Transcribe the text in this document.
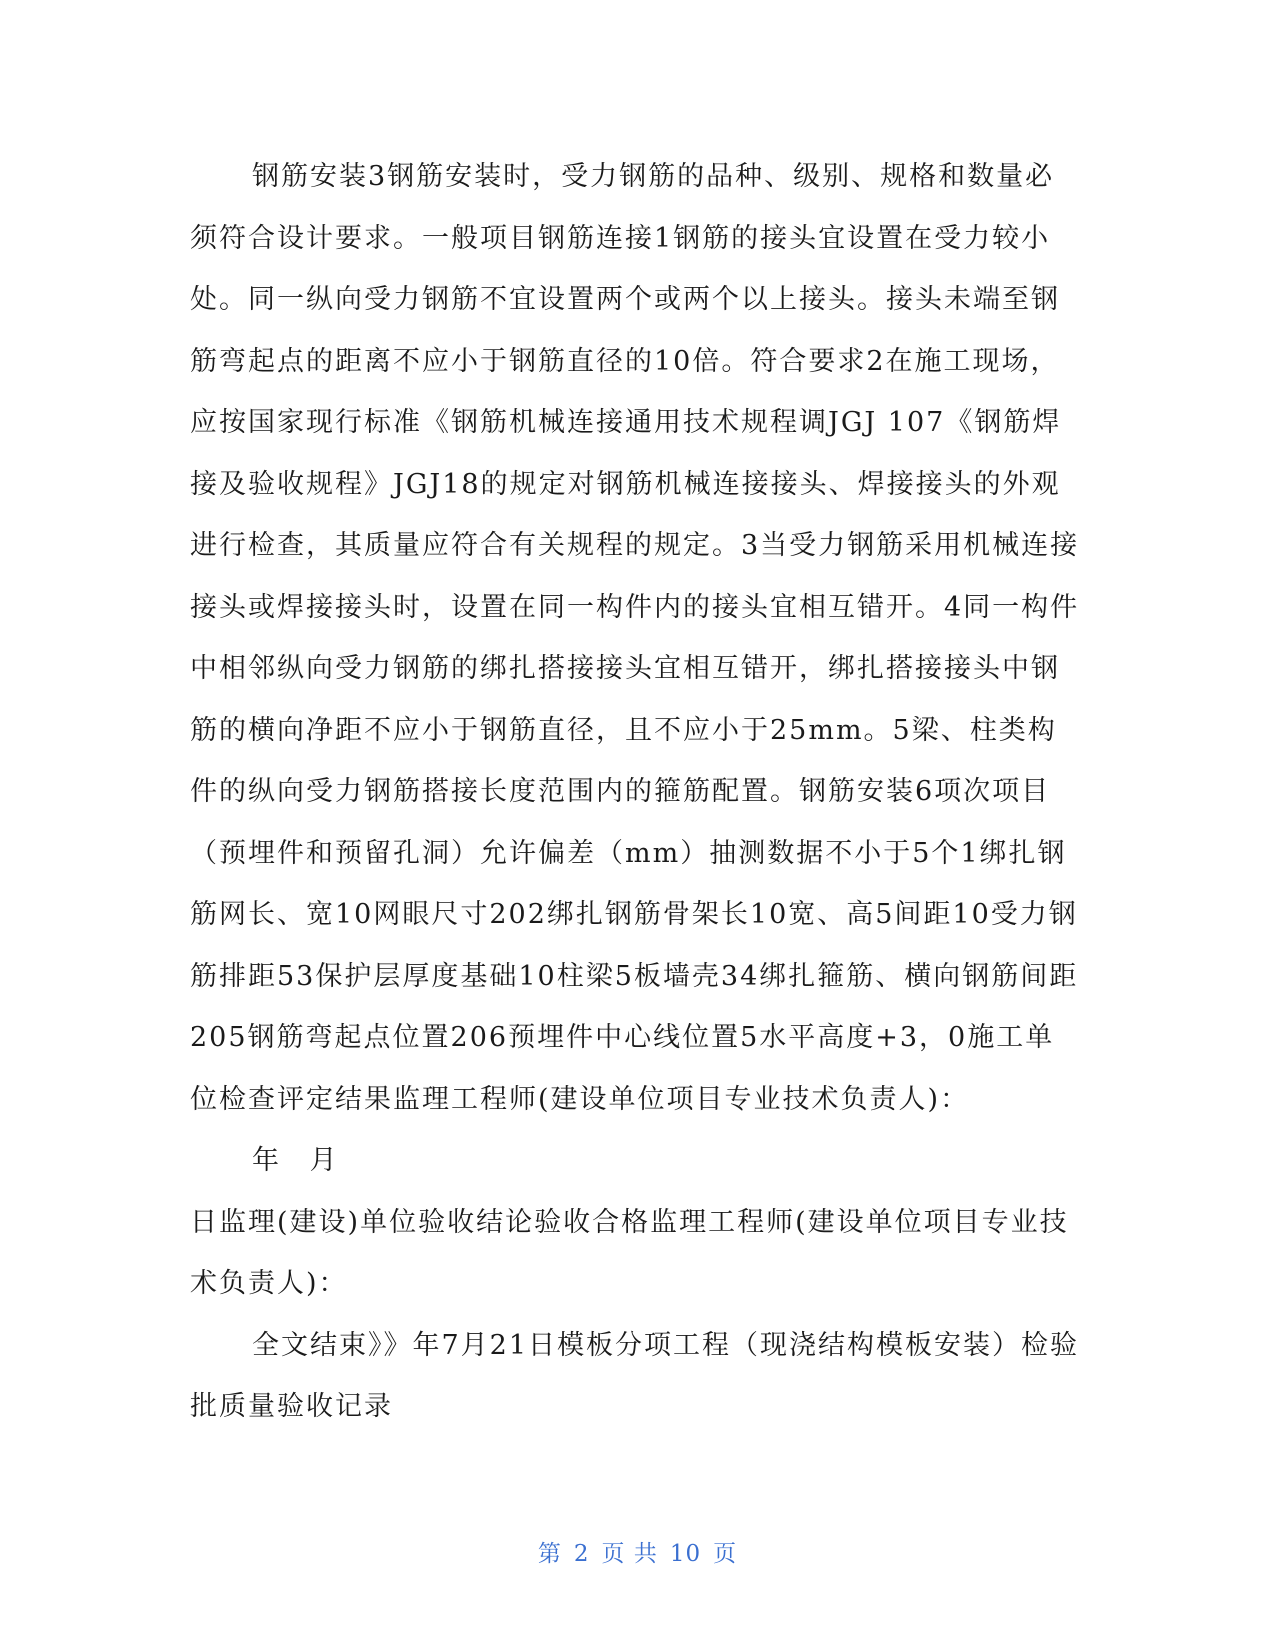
钢筋安装3钢筋安装时，受力钢筋的品种、级别、规格和数量必须符合设计要求。一般项目钢筋连接1钢筋的接头宜设置在受力较小处。同一纵向受力钢筋不宜设置两个或两个以上接头。接头未端至钢筋弯起点的距离不应小于钢筋直径的10倍。符合要求2在施工现场，应按国家现行标准《钢筋机械连接通用技术规程调JGJ 107《钢筋焊接及验收规程》JGJ18的规定对钢筋机械连接接头、焊接接头的外观进行检查，其质量应符合有关规程的规定。3当受力钢筋采用机械连接接头或焊接接头时，设置在同一构件内的接头宜相互错开。4同一构件中相邻纵向受力钢筋的绑扎搭接接头宜相互错开，绑扎搭接接头中钢筋的横向净距不应小于钢筋直径，且不应小于25mm。5梁、柱类构件的纵向受力钢筋搭接长度范围内的箍筋配置。钢筋安装6项次项目（预埋件和预留孔洞）允许偏差（mm）抽测数据不小于5个1绑扎钢筋网长、宽10网眼尺寸202绑扎钢筋骨架长10宽、高5间距10受力钢筋排距53保护层厚度基础10柱梁5板墙壳34绑扎箍筋、横向钢筋间距205钢筋弯起点位置206预埋件中心线位置5水平高度+3，0施工单位检查评定结果监理工程师(建设单位项目专业技术负责人)：

年 月

日监理(建设)单位验收结论验收合格监理工程师(建设单位项目专业技术负责人)：

全文结束》》年7月21日模板分项工程（现浇结构模板安装）检验批质量验收记录

第 2 页 共 10 页
